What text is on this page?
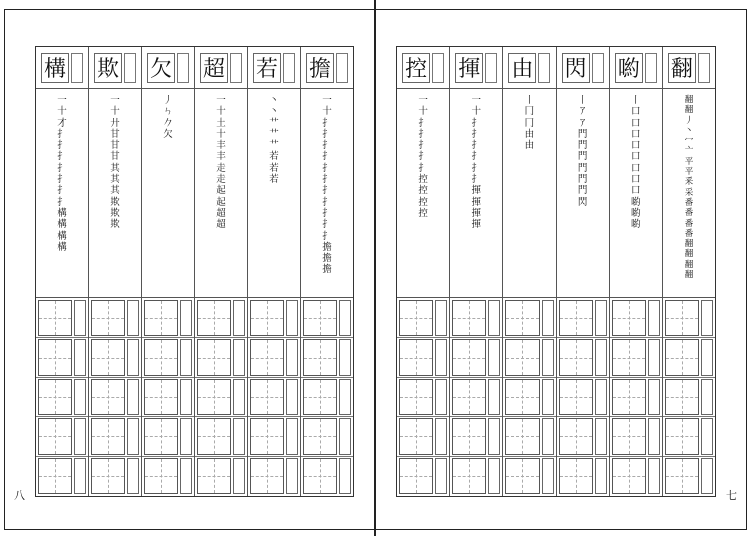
構
一
十
才
扌
扌
扌
扌
扌
扌
扌
構
構
構
構
欺
一
十
廾
甘
甘
甘
其
其
其
欺
欺
欺
欠
丿
ㄣ
𠂊
欠
超
一
十
土
十
丰
丰
走
走
起
起
超
超
若
丶
丶
艹
艹
艹
若
若
若
擔
一
十
扌
扌
扌
扌
扌
扌
扌
扌
扌
扌
扌
擔
擔
擔
控
一
十
扌
扌
扌
扌
扌
控
控
控
控
揮
一
十
扌
扌
扌
扌
扌
扌
揮
揮
揮
揮
由
丨
冂
冂
由
由
閃
丨
ｱ
ｱ
門
門
門
門
門
門
閃
喲
丨
口
口
口
口
口
口
口
口
喲
喲
喲
翻
翻
翻
丿
丶
冖
亠
平
平
釆
采
番
番
番
番
翻
翻
翻
翻
八	七
